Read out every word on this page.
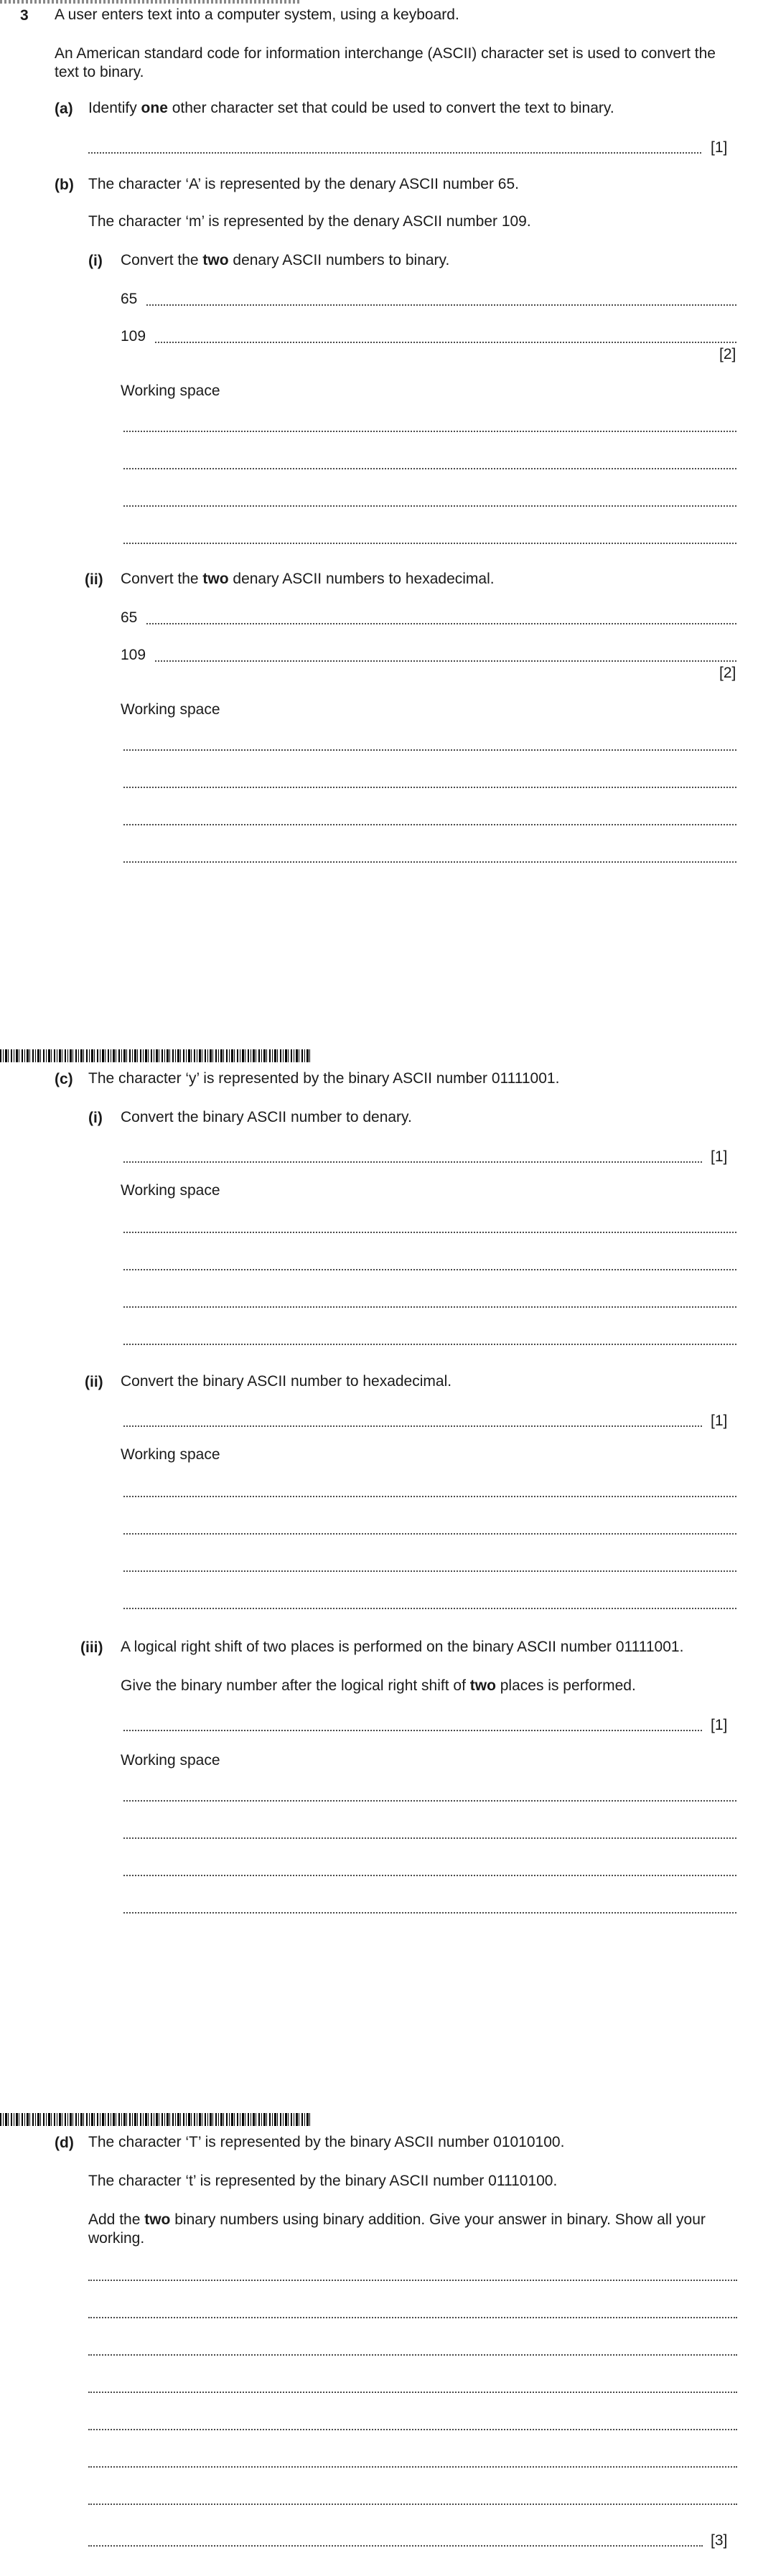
3 A user enters text into a computer system, using a keyboard.
An American standard code for information interchange (ASCII) character set is used to convert the text to binary.
(a) Identify one other character set that could be used to convert the text to binary.
[1]
(b) The character ‘A’ is represented by the denary ASCII number 65.
The character ‘m’ is represented by the denary ASCII number 109.
(i) Convert the two denary ASCII numbers to binary.
65
109
[2]
Working space
(ii) Convert the two denary ASCII numbers to hexadecimal.
65
109
[2]
Working space
(c) The character ‘y’ is represented by the binary ASCII number 01111001.
(i) Convert the binary ASCII number to denary.
[1]
Working space
(ii) Convert the binary ASCII number to hexadecimal.
[1]
Working space
(iii) A logical right shift of two places is performed on the binary ASCII number 01111001.
Give the binary number after the logical right shift of two places is performed.
[1]
Working space
(d) The character ‘T’ is represented by the binary ASCII number 01010100.
The character ‘t’ is represented by the binary ASCII number 01110100.
Add the two binary numbers using binary addition. Give your answer in binary. Show all your working.
[3]
